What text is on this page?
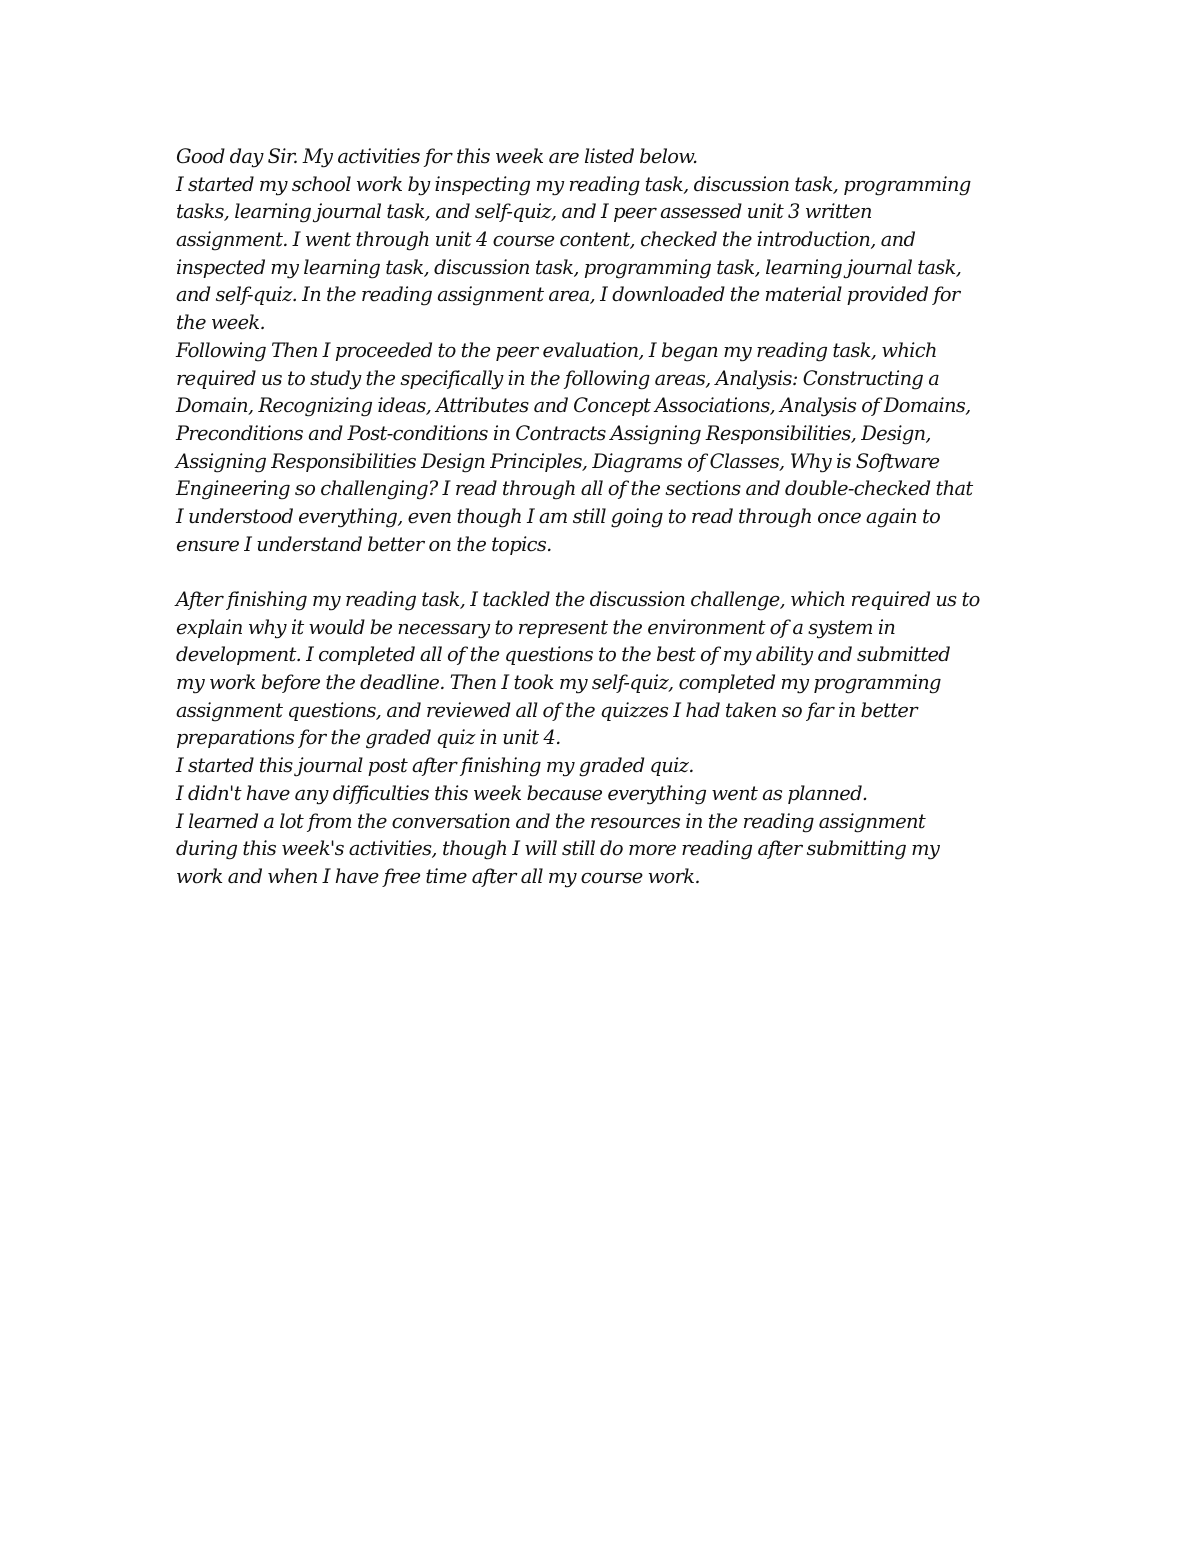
Good day Sir. My activities for this week are listed below.

I started my school work by inspecting my reading task, discussion task, programming

tasks, learning journal task, and self-quiz, and I peer assessed unit 3 written

assignment. I went through unit 4 course content, checked the introduction, and

inspected my learning task, discussion task, programming task, learning journal task,

and self-quiz. In the reading assignment area, I downloaded the material provided for

the week.

Following Then I proceeded to the peer evaluation, I began my reading task, which

required us to study the specifically in the following areas, Analysis: Constructing a

Domain, Recognizing ideas, Attributes and Concept Associations, Analysis of Domains,

Preconditions and Post-conditions in Contracts Assigning Responsibilities, Design,

Assigning Responsibilities Design Principles, Diagrams of Classes, Why is Software

Engineering so challenging? I read through all of the sections and double-checked that

I understood everything, even though I am still going to read through once again to

ensure I understand better on the topics.

After finishing my reading task, I tackled the discussion challenge, which required us to

explain why it would be necessary to represent the environment of a system in

development. I completed all of the questions to the best of my ability and submitted

my work before the deadline. Then I took my self-quiz, completed my programming

assignment questions, and reviewed all of the quizzes I had taken so far in better

preparations for the graded quiz in unit 4.

I started this journal post after finishing my graded quiz.

I didn't have any difficulties this week because everything went as planned.

I learned a lot from the conversation and the resources in the reading assignment

during this week's activities, though I will still do more reading after submitting my

work and when I have free time after all my course work.
